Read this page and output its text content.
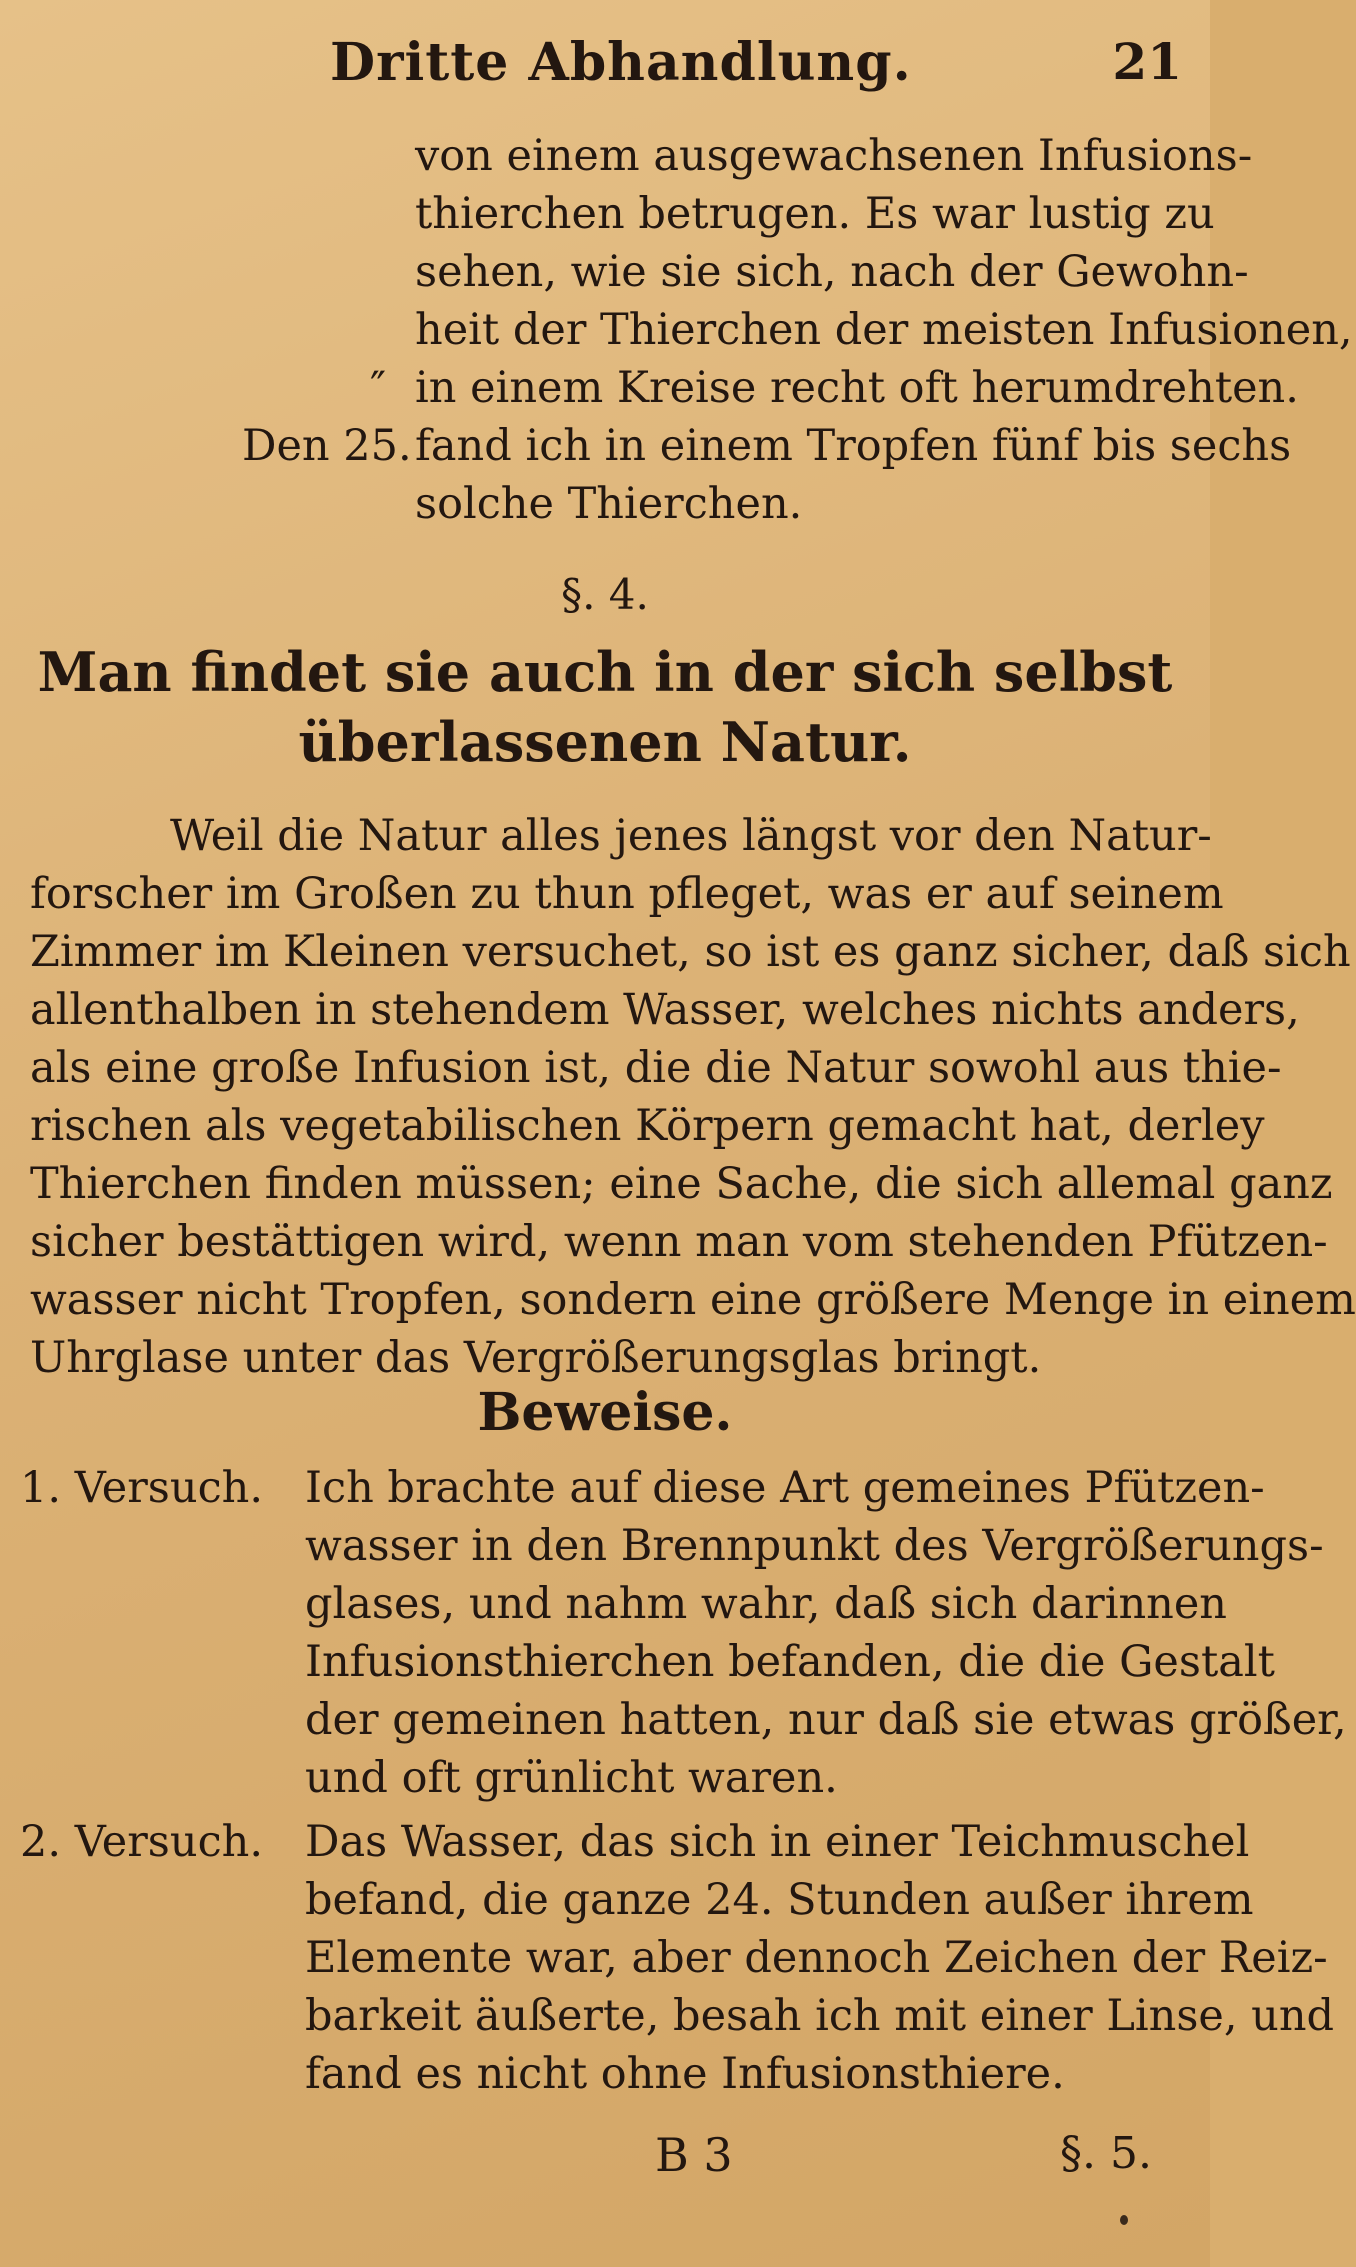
Dritte Abhandlung.	21
von einem ausgewachsenen Infusions-
thierchen betrugen. Es war lustig zu
sehen, wie sie sich, nach der Gewohn-
heit der Thierchen der meisten Infusionen,
″ in einem Kreise recht oft herumdrehten.
Den 25. fand ich in einem Tropfen fünf bis sechs
solche Thierchen.
§. 4.
Man findet sie auch in der sich selbst
überlassenen Natur.
Weil die Natur alles jenes längst vor den Natur-
forscher im Großen zu thun pfleget, was er auf seinem
Zimmer im Kleinen versuchet, so ist es ganz sicher, daß sich
allenthalben in stehendem Wasser, welches nichts anders,
als eine große Infusion ist, die die Natur sowohl aus thie-
rischen als vegetabilischen Körpern gemacht hat, derley
Thierchen finden müssen; eine Sache, die sich allemal ganz
sicher bestättigen wird, wenn man vom stehenden Pfützen-
wasser nicht Tropfen, sondern eine größere Menge in einem
Uhrglase unter das Vergrößerungsglas bringt.
Beweise.
1. Versuch. Ich brachte auf diese Art gemeines Pfützen-
wasser in den Brennpunkt des Vergrößerungs-
glases, und nahm wahr, daß sich darinnen
Infusionsthierchen befanden, die die Gestalt
der gemeinen hatten, nur daß sie etwas größer,
und oft grünlicht waren.
2. Versuch. Das Wasser, das sich in einer Teichmuschel
befand, die ganze 24. Stunden außer ihrem
Elemente war, aber dennoch Zeichen der Reiz-
barkeit äußerte, besah ich mit einer Linse, und
fand es nicht ohne Infusionsthiere.
B 3	§. 5.
